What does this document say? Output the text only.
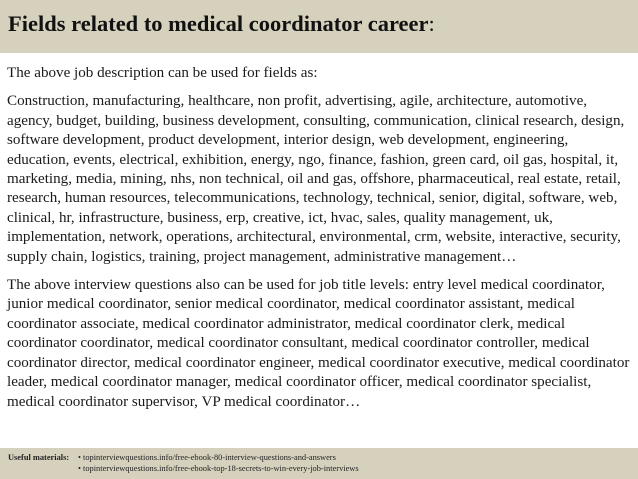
Fields related to medical coordinator career:

The above job description can be used for fields as:

Construction, manufacturing, healthcare, non profit, advertising, agile, architecture, automotive, agency, budget, building, business development, consulting, communication, clinical research, design, software development, product development, interior design, web development, engineering, education, events, electrical, exhibition, energy, ngo, finance, fashion, green card, oil gas, hospital, it, marketing, media, mining, nhs, non technical, oil and gas, offshore, pharmaceutical, real estate, retail, research, human resources, telecommunications, technology, technical, senior, digital, software, web, clinical, hr, infrastructure, business, erp, creative, ict, hvac, sales, quality management, uk, implementation, network, operations, architectural, environmental, crm, website, interactive, security, supply chain, logistics, training, project management, administrative management…

The above interview questions also can be used for job title levels: entry level medical coordinator, junior medical coordinator, senior medical coordinator, medical coordinator assistant, medical coordinator associate, medical coordinator administrator, medical coordinator clerk, medical coordinator coordinator, medical coordinator consultant, medical coordinator controller, medical coordinator director, medical coordinator engineer, medical coordinator executive, medical coordinator leader, medical coordinator manager, medical coordinator officer, medical coordinator specialist, medical coordinator supervisor, VP medical coordinator…

Useful materials:	• topinterviewquestions.info/free-ebook-80-interview-questions-and-answers
• topinterviewquestions.info/free-ebook-top-18-secrets-to-win-every-job-interviews
